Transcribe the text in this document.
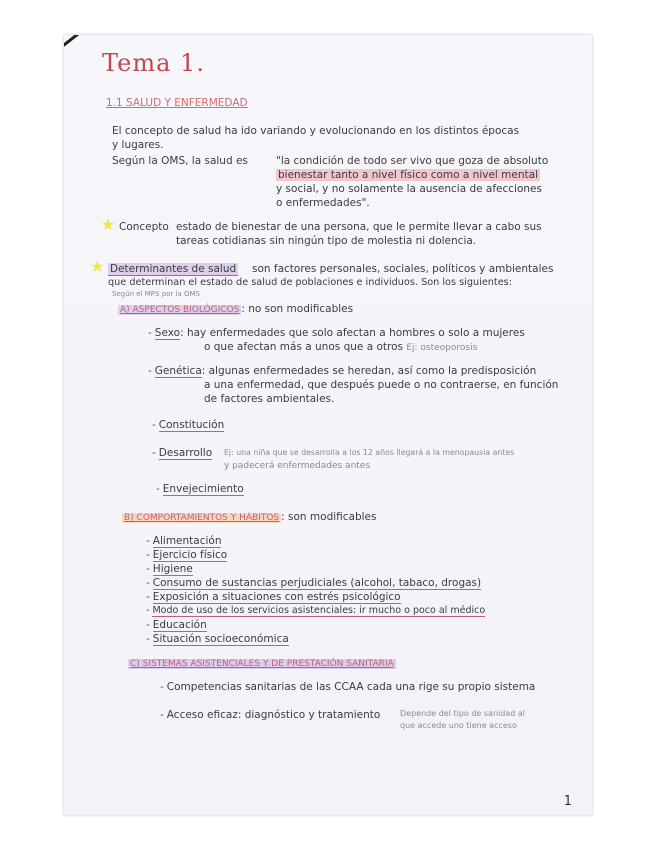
Tema 1.
1.1 SALUD Y ENFERMEDAD
El concepto de salud ha ido variando y evolucionando en los distintos épocas
y lugares.
Según la OMS, la salud es	"la condición de todo ser vivo que goza de absoluto
bienestar tanto a nivel físico como a nivel mental
y social, y no solamente la ausencia de afecciones
o enfermedades".
★ Concepto estado de bienestar de una persona, que le permite llevar a cabo sus
tareas cotidianas sin ningún tipo de molestia ni dolencia.
★ Determinantes de salud son factores personales, sociales, políticos y ambientales
que determinan el estado de salud de poblaciones e individuos. Son los siguientes:
Según el MPS por la OMS
A) ASPECTOS BIOLÓGICOS : no son modificables
- Sexo: hay enfermedades que solo afectan a hombres o solo a mujeres
o que afectan más a unos que a otros Ej: osteoporosis
- Genética: algunas enfermedades se heredan, así como la predisposición
a una enfermedad, que después puede o no contraerse, en función
de factores ambientales.
- Constitución
- Desarrollo Ej: una niña que se desarrolla a los 12 años llegará a la menopausia antes
y padecerá enfermedades antes
- Envejecimiento
B) COMPORTAMIENTOS Y HÁBITOS : son modificables
- Alimentación
- Ejercicio físico
- Higiene
- Consumo de sustancias perjudiciales (alcohol, tabaco, drogas)
- Exposición a situaciones con estrés psicológico
- Modo de uso de los servicios asistenciales: ir mucho o poco al médico
- Educación
- Situación socioeconómica
C) SISTEMAS ASISTENCIALES Y DE PRESTACIÓN SANITARIA
- Competencias sanitarias de las CCAA cada una rige su propio sistema
- Acceso eficaz: diagnóstico y tratamiento Depende del tipo de sanidad al
que accede uno tiene acceso
1
